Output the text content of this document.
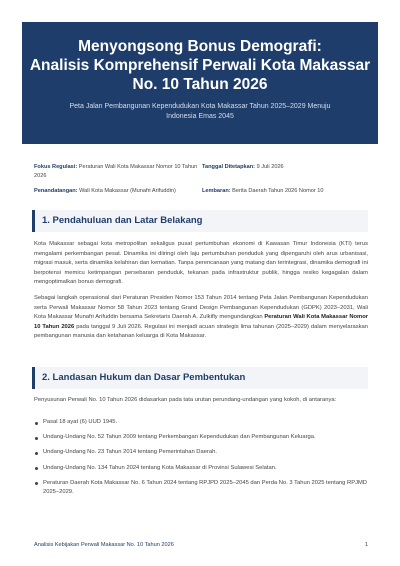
Menyongsong Bonus Demografi:
Analisis Komprehensif Perwali Kota Makassar
No. 10 Tahun 2026
Peta Jalan Pembangunan Kependudukan Kota Makassar Tahun 2025–2029 Menuju Indonesia Emas 2045
Fokus Regulasi: Peraturan Wali Kota Makassar Nomor 10 Tahun 2026
Tanggal Ditetapkan: 9 Juli 2026
Penandatangan: Wali Kota Makassar (Munafri Arifuddin)	Lembaran: Berita Daerah Tahun 2026 Nomor 10
1. Pendahuluan dan Latar Belakang
Kota Makassar sebagai kota metropolitan sekaligus pusat pertumbuhan ekonomi di Kawasan Timur Indonesia (KTI) terus mengalami perkembangan pesat. Dinamika ini diiringi oleh laju pertumbuhan penduduk yang dipengaruhi oleh arus urbanisasi, migrasi masuk, serta dinamika kelahiran dan kematian. Tanpa perencanaan yang matang dan terintegrasi, dinamika demografi ini berpotensi memicu ketimpangan persebaran penduduk, tekanan pada infrastruktur publik, hingga resiko kegagalan dalam mengoptimalkan bonus demografi.
Sebagai langkah operasional dari Peraturan Presiden Nomor 153 Tahun 2014 tentang Peta Jalan Pembangunan Kependudukan serta Perwali Makassar Nomor 58 Tahun 2023 tentang Grand Design Pembangunan Kependudukan (GDPK) 2023–2031, Wali Kota Makassar Munafri Arifuddin bersama Sekretaris Daerah A. Zulkifly mengundangkan Peraturan Wali Kota Makassar Nomor 10 Tahun 2026 pada tanggal 9 Juli 2026. Regulasi ini menjadi acuan strategis lima tahunan (2025–2029) dalam menyelaraskan pembangunan manusia dan ketahanan keluarga di Kota Makassar.
2. Landasan Hukum dan Dasar Pembentukan
Penyusunan Perwali No. 10 Tahun 2026 didasarkan pada tata urutan perundang-undangan yang kokoh, di antaranya:
Pasal 18 ayat (6) UUD 1945.
Undang-Undang No. 52 Tahun 2009 tentang Perkembangan Kependudukan dan Pembangunan Keluarga.
Undang-Undang No. 23 Tahun 2014 tentang Pemerintahan Daerah.
Undang-Undang No. 134 Tahun 2024 tentang Kota Makassar di Provinsi Sulawesi Selatan.
Peraturan Daerah Kota Makassar No. 6 Tahun 2024 tentang RPJPD 2025–2045 dan Perda No. 3 Tahun 2025 tentang RPJMD 2025–2029.
Analisis Kebijakan Perwali Makassar No. 10 Tahun 2026	1
